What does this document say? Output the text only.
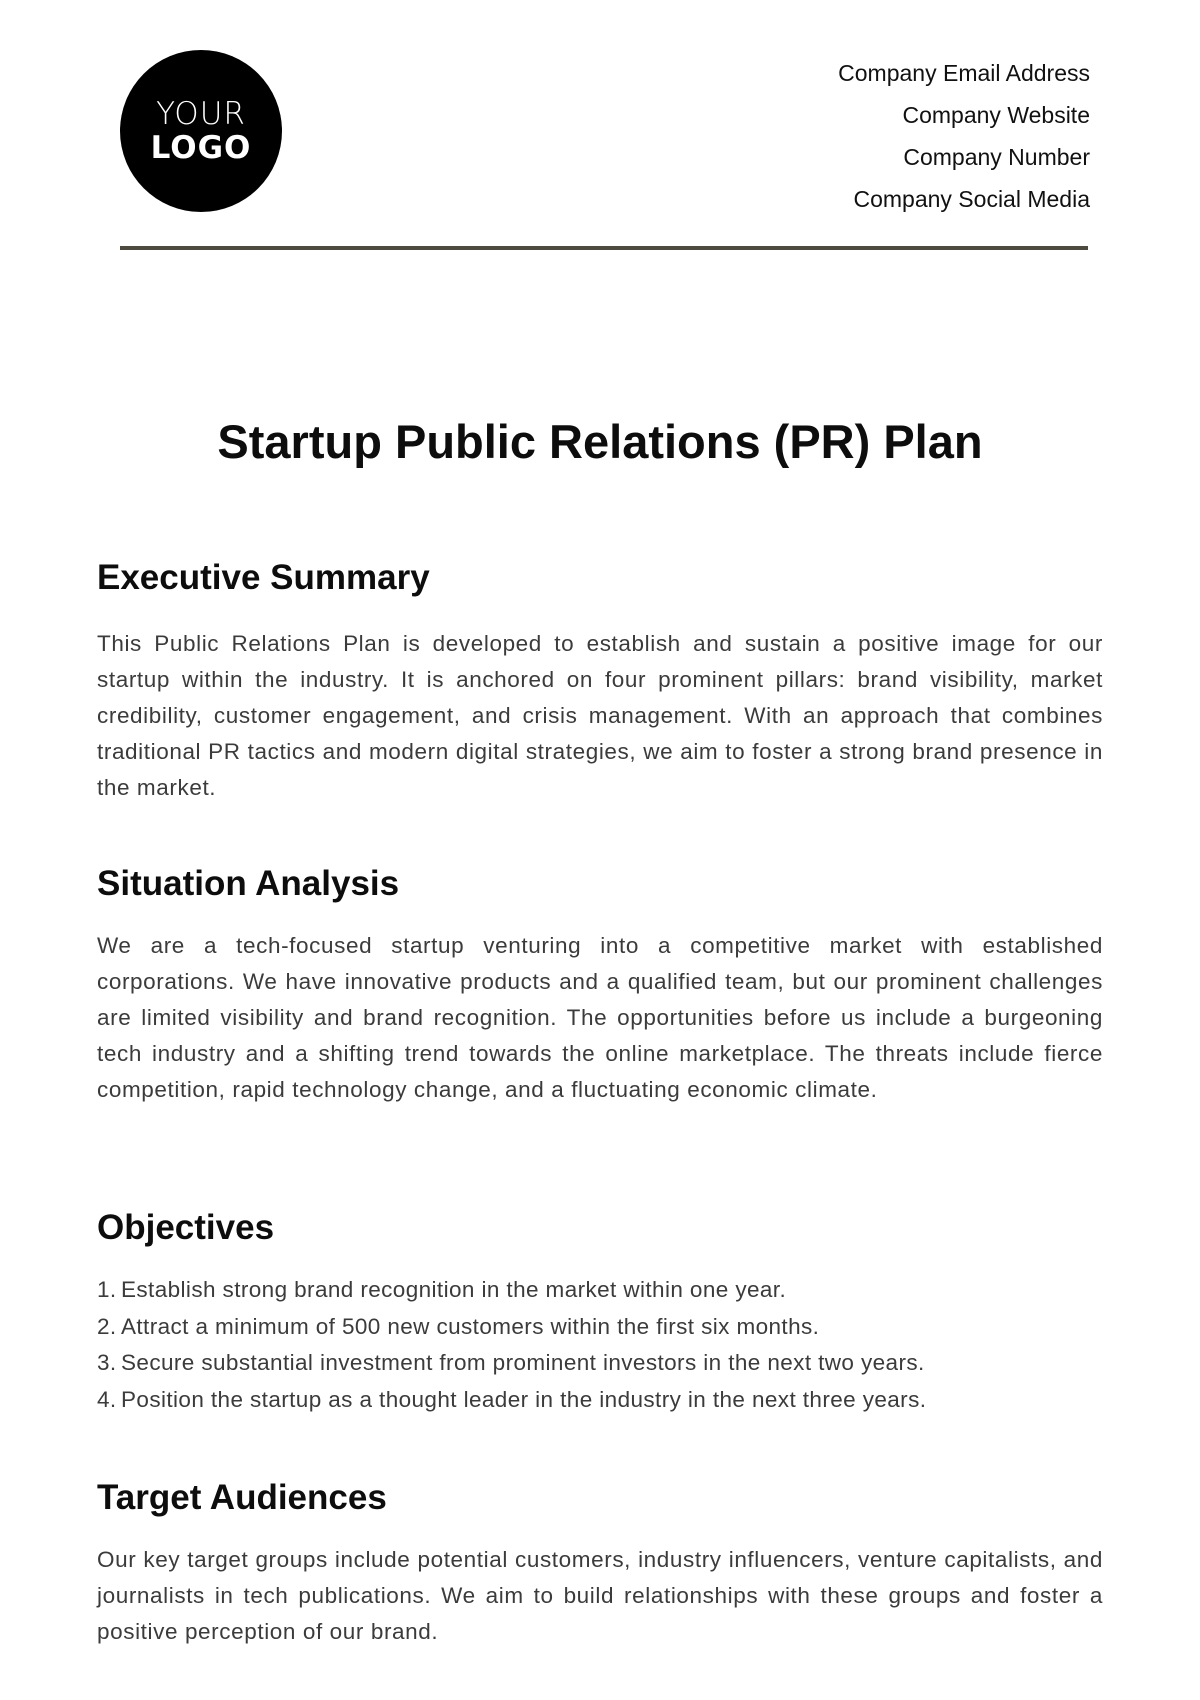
YOUR
LOGO
Company Email Address
Company Website
Company Number
Company Social Media
Startup Public Relations (PR) Plan
Executive Summary

This Public Relations Plan is developed to establish and sustain a positive image for our startup within the industry. It is anchored on four prominent pillars: brand visibility, market credibility, customer engagement, and crisis management. With an approach that combines traditional PR tactics and modern digital strategies, we aim to foster a strong brand presence in the market.

Situation Analysis

We are a tech-focused startup venturing into a competitive market with established corporations. We have innovative products and a qualified team, but our prominent challenges are limited visibility and brand recognition. The opportunities before us include a burgeoning tech industry and a shifting trend towards the online marketplace. The threats include fierce competition, rapid technology change, and a fluctuating economic climate.

Objectives
1. Establish strong brand recognition in the market within one year.
2. Attract a minimum of 500 new customers within the first six months.
3. Secure substantial investment from prominent investors in the next two years.
4. Position the startup as a thought leader in the industry in the next three years.
Target Audiences

Our key target groups include potential customers, industry influencers, venture capitalists, and journalists in tech publications. We aim to build relationships with these groups and foster a positive perception of our brand.
